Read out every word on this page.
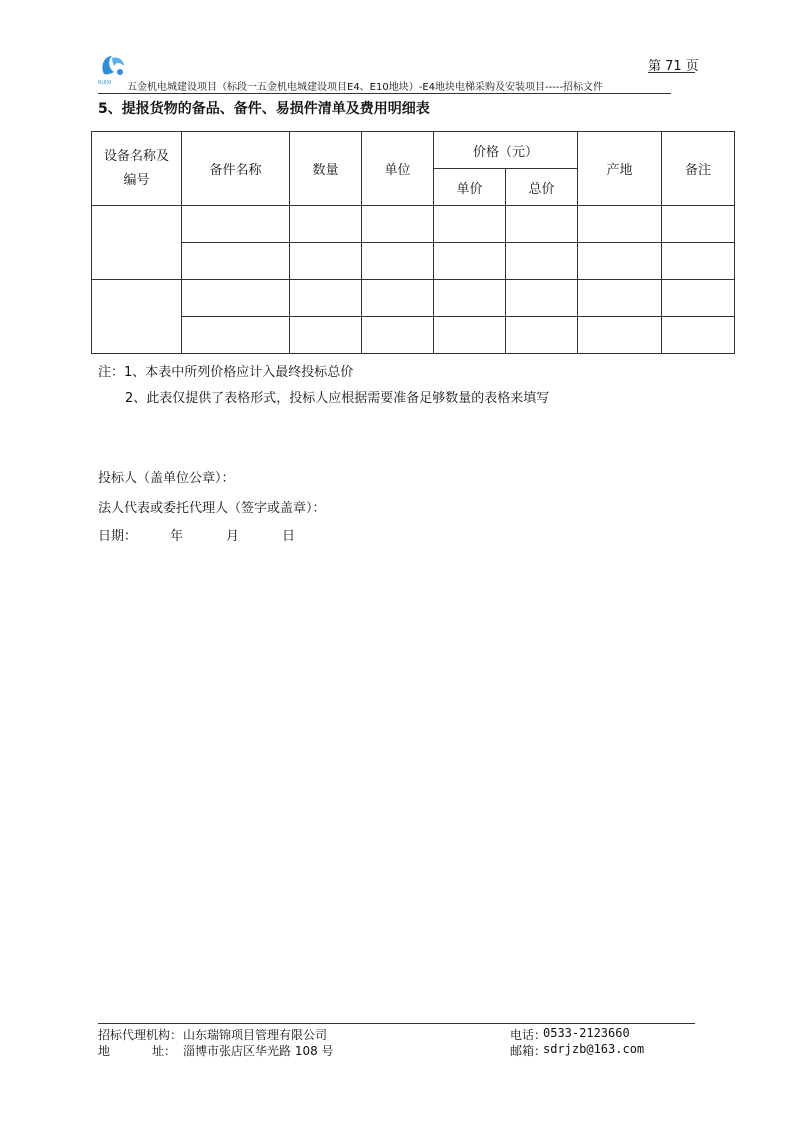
RUIXI 五金机电城建设项目（标段一五金机电城建设项目E4、E10地块）-E4地块电梯采购及安装项目-----招标文件
第 71 页
5、提报货物的备品、备件、易损件清单及费用明细表
设备名称及编号	备件名称	数量	单位	价格（元）		产地	备注
				单价	总价		

注：1、本表中所列价格应计入最终投标总价
2、此表仅提供了表格形式，投标人应根据需要准备足够数量的表格来填写
投标人（盖单位公章）：
法人代表或委托代理人（签字或盖章）：
日期：	年	月	日
招标代理机构： 山东瑞锦项目管理有限公司	电话：
0533-2123660
地	址： 淄博市张店区华光路 108 号	邮箱：
sdrjzb@163.com
